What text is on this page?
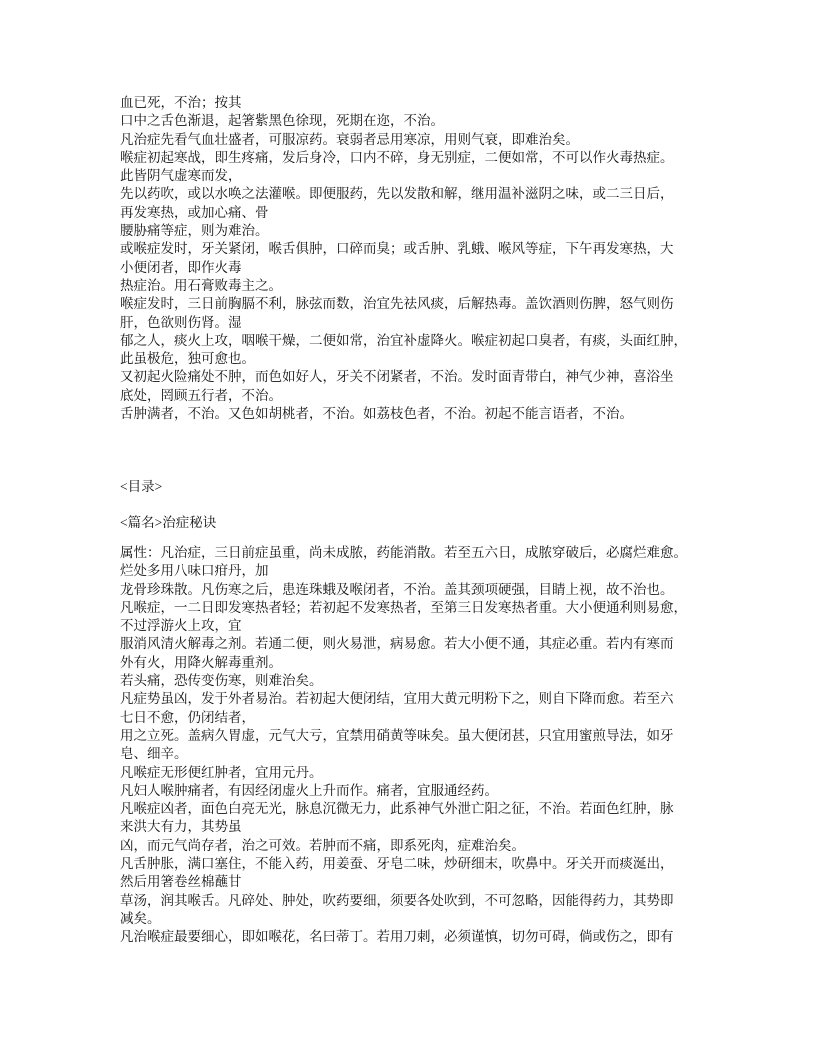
血已死，不治；按其
口中之舌色渐退，起箸紫黑色徐现，死期在迩，不治。
凡治症先看气血壮盛者，可服凉药。衰弱者忌用寒凉，用则气衰，即难治矣。
喉症初起寒战，即生疼痛，发后身冷，口内不碎，身无别症，二便如常，不可以作火毒热症。
此皆阴气虚寒而发，
先以药吹，或以水唤之法灌喉。即便服药，先以发散和解，继用温补滋阴之味，或二三日后，
再发寒热，或加心痛、骨
腰胁痛等症，则为难治。
或喉症发时，牙关紧闭，喉舌俱肿，口碎而臭；或舌肿、乳蛾、喉风等症，下午再发寒热，大
小便闭者，即作火毒
热症治。用石膏败毒主之。
喉症发时，三日前胸膈不利，脉弦而数，治宜先祛风痰，后解热毒。盖饮酒则伤脾，怒气则伤
肝，色欲则伤肾。湿
郁之人，痰火上攻，咽喉干燥，二便如常，治宜补虚降火。喉症初起口臭者，有痰，头面红肿，
此虽极危，独可愈也。
又初起火险痛处不肿，而色如好人，牙关不闭紧者，不治。发时面青带白，神气少神，喜浴坐
底处，罔顾五行者，不治。
舌肿满者，不治。又色如胡桃者，不治。如荔枝色者，不治。初起不能言语者，不治。
<目录>
<篇名>治症秘诀
属性：凡治症，三日前症虽重，尚未成脓，药能消散。若至五六日，成脓穿破后，必腐烂难愈。
烂处多用八味口疳丹，加
龙骨珍珠散。凡伤寒之后，患连珠蛾及喉闭者，不治。盖其颈项硬强，目睛上视，故不治也。
凡喉症，一二日即发寒热者轻；若初起不发寒热者，至第三日发寒热者重。大小便通利则易愈，
不过浮游火上攻，宜
服消风清火解毒之剂。若通二便，则火易泄，病易愈。若大小便不通，其症必重。若内有寒而
外有火，用降火解毒重剂。
若头痛，恐传变伤寒，则难治矣。
凡症势虽凶，发于外者易治。若初起大便闭结，宜用大黄元明粉下之，则自下降而愈。若至六
七日不愈，仍闭结者，
用之立死。盖病久胃虚，元气大亏，宜禁用硝黄等味矣。虽大便闭甚，只宜用蜜煎导法，如牙
皂、细辛。
凡喉症无形便红肿者，宜用元丹。
凡妇人喉肿痛者，有因经闭虚火上升而作。痛者，宜服通经药。
凡喉症凶者，面色白亮无光，脉息沉微无力，此系神气外泄亡阳之征，不治。若面色红肿，脉
来洪大有力，其势虽
凶，而元气尚存者，治之可效。若肿而不痛，即系死肉，症难治矣。
凡舌肿胀，满口塞住，不能入药，用姜蚕、牙皂二味，炒研细末，吹鼻中。牙关开而痰涎出，
然后用箸卷丝棉蘸甘
草汤，润其喉舌。凡碎处、肿处，吹药要细，须要各处吹到，不可忽略，因能得药力，其势即
减矣。
凡治喉症最要细心，即如喉花，名曰蒂丁。若用刀刺，必须谨慎，切勿可碍，倘或伤之，即有
